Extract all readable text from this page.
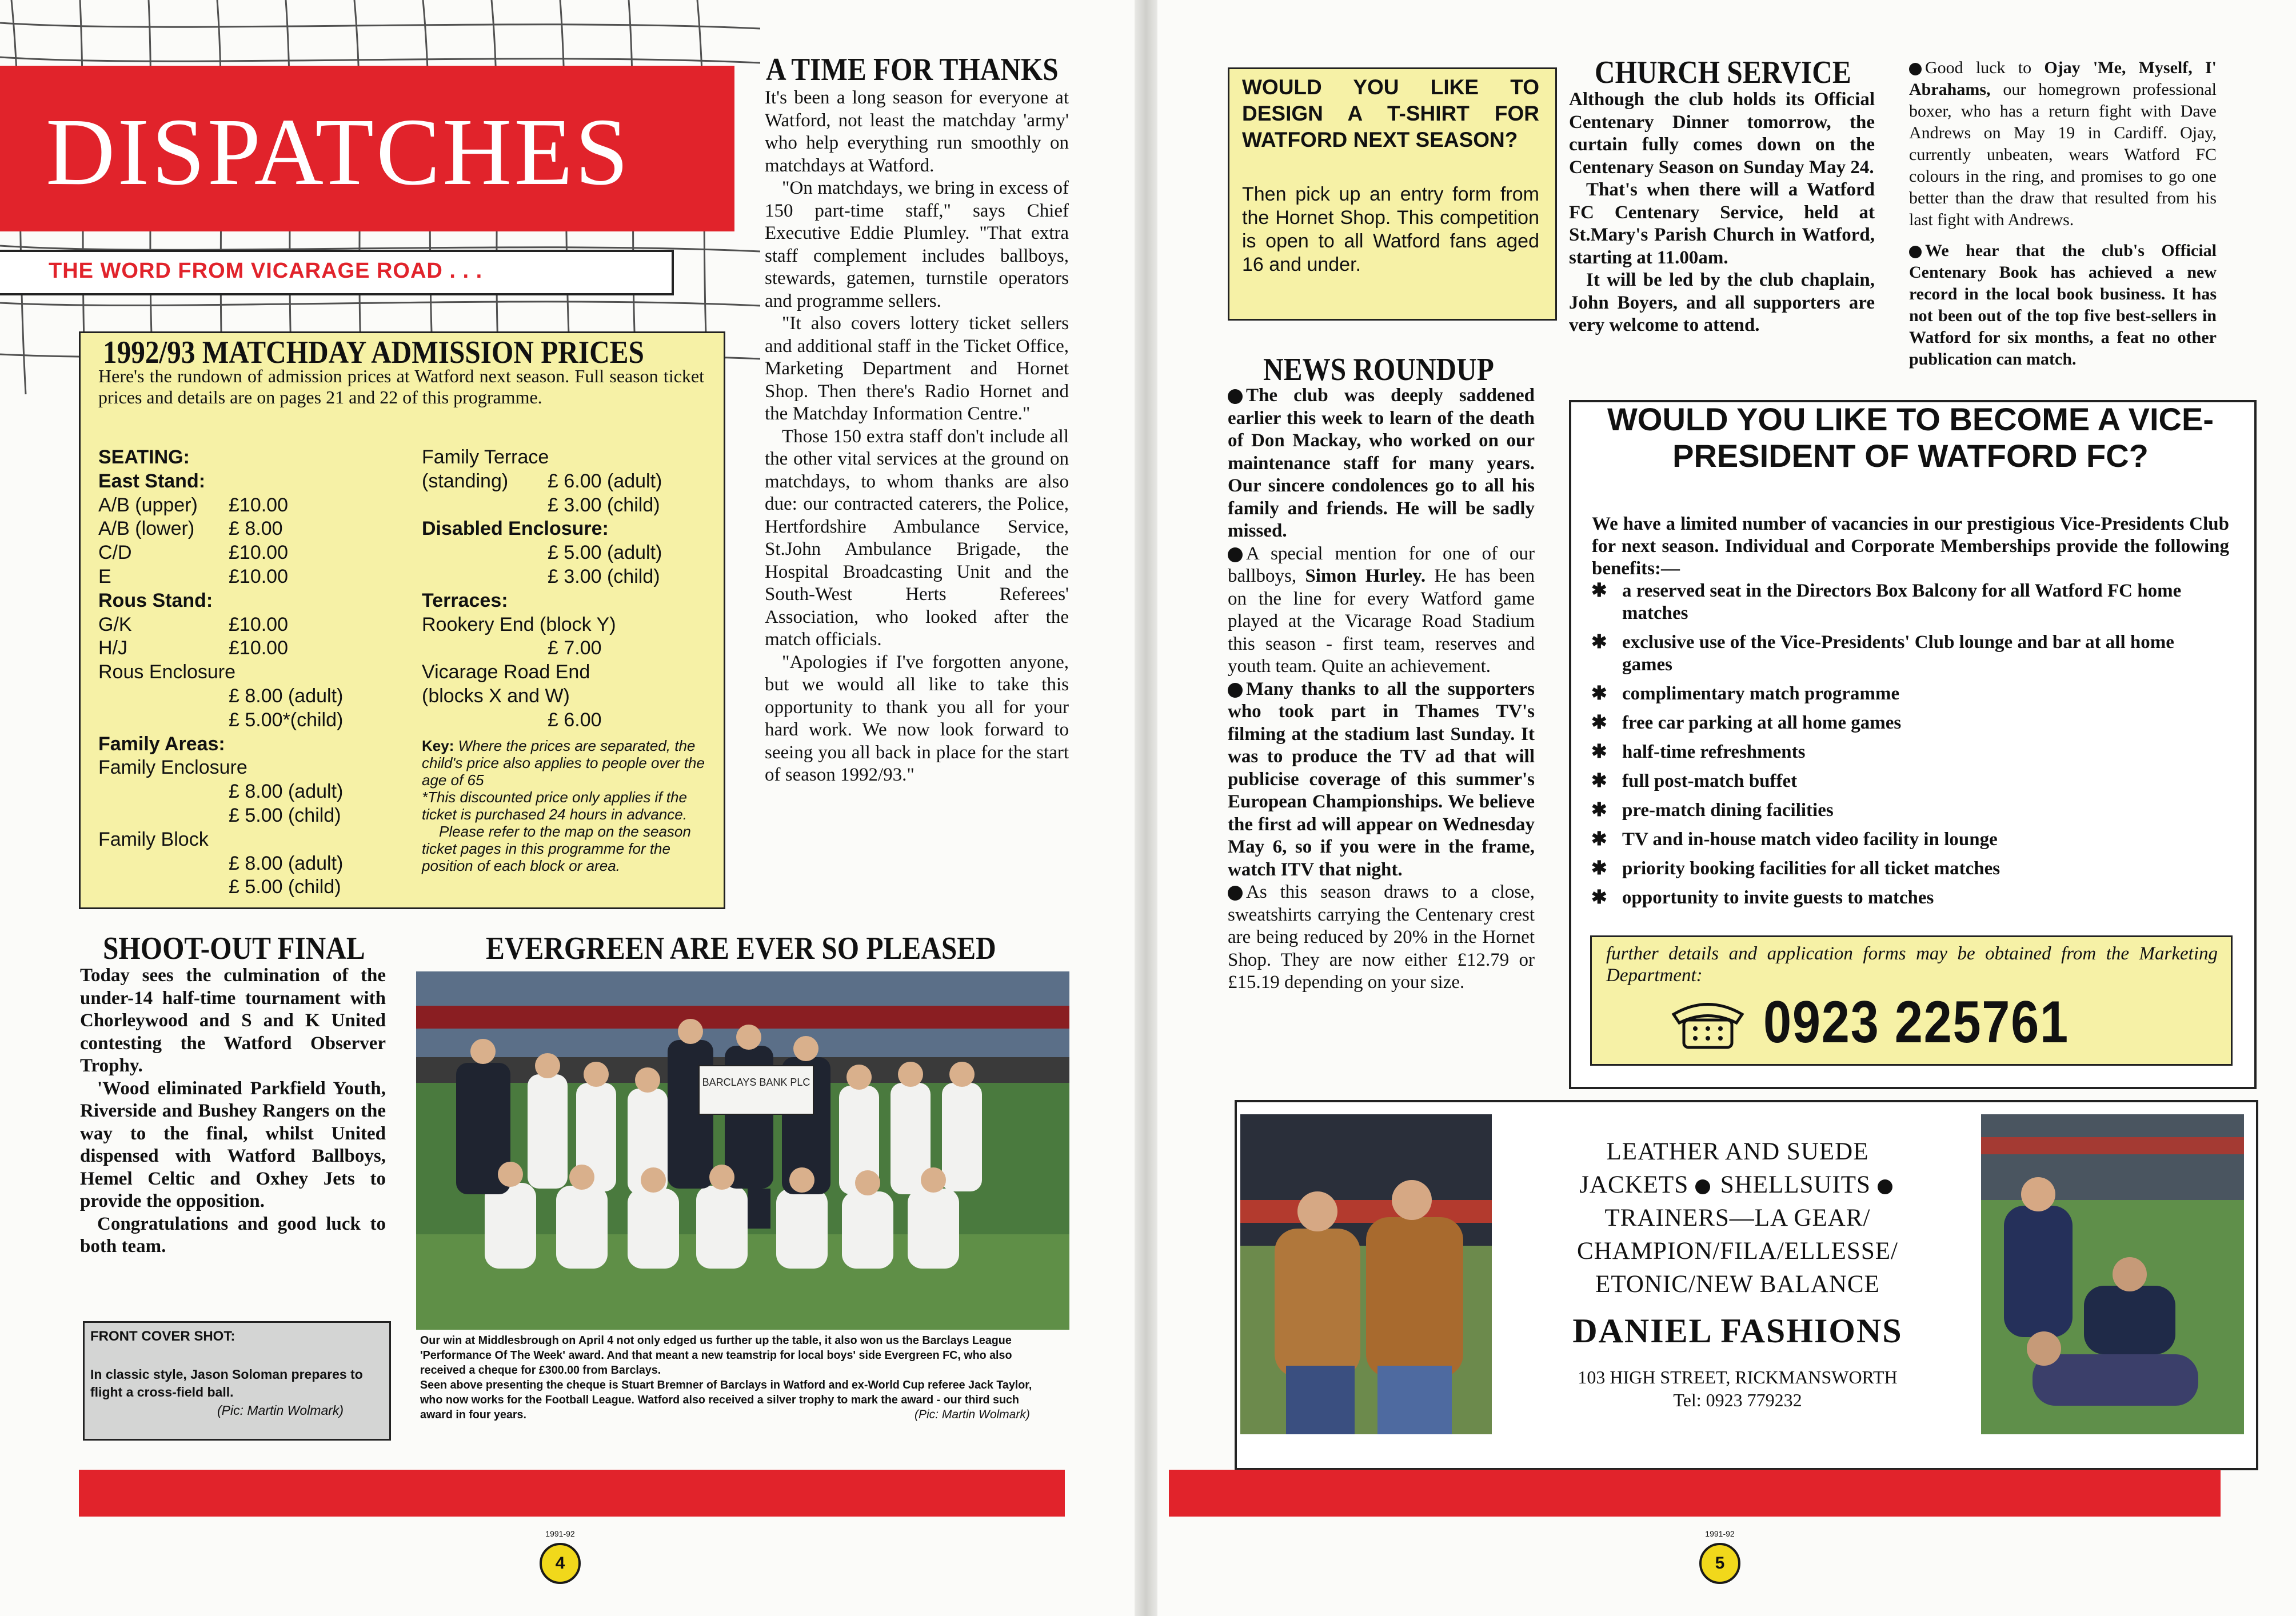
DISPATCHES
THE WORD FROM VICARAGE ROAD . . .
1992/93 MATCHDAY ADMISSION PRICES
Here's the rundown of admission prices at Watford next season. Full season ticket prices and details are on pages 21 and 22 of this programme.
SEATING:
East Stand:
A/B (upper) £10.00
A/B (lower) £ 8.00
C/D	£10.00
E	£10.00
Rous Stand:
G/K	£10.00
H/J	£10.00
Rous Enclosure
£ 8.00 (adult)
£ 5.00*(child)
Family Areas:
Family Enclosure
£ 8.00 (adult)
£ 5.00 (child)
Family Block
£ 8.00 (adult)
£ 5.00 (child)
Family Terrace
(standing) £ 6.00 (adult)
£ 3.00 (child)
Disabled Enclosure:
£ 5.00 (adult)
£ 3.00 (child)
Terraces:
Rookery End (block Y)
£ 7.00
Vicarage Road End
(blocks X and W)
£ 6.00
Key: Where the prices are separated, the child's price also applies to people over the age of 65
*This discounted price only applies if the ticket is purchased 24 hours in advance.
Please refer to the map on the season ticket pages in this programme for the position of each block or area.
A TIME FOR THANKS
It's been a long season for everyone at Watford, not least the matchday 'army' who help everything run smoothly on matchdays at Watford.
"On matchdays, we bring in excess of 150 part-time staff," says Chief Executive Eddie Plumley. "That extra staff complement includes ballboys, stewards, gatemen, turnstile operators and programme sellers.
"It also covers lottery ticket sellers and additional staff in the Ticket Office, Marketing Department and Hornet Shop. Then there's Radio Hornet and the Matchday Information Centre."
Those 150 extra staff don't include all the other vital services at the ground on matchdays, to whom thanks are also due: our contracted caterers, the Police, Hertfordshire Ambulance Service, St.John Ambulance Brigade, the Hospital Broadcasting Unit and the South-West Herts Referees' Association, who looked after the match officials.
"Apologies if I've forgotten anyone, but we would all like to take this opportunity to thank you all for your hard work. We now look forward to seeing you all back in place for the start of season 1992/93."
SHOOT-OUT FINAL
Today sees the culmination of the under-14 half-time tournament with Chorleywood and S and K United contesting the Watford Observer Trophy.
'Wood eliminated Parkfield Youth, Riverside and Bushey Rangers on the way to the final, whilst United dispensed with Watford Ballboys, Hemel Celtic and Oxhey Jets to provide the opposition.
Congratulations and good luck to both team.
FRONT COVER SHOT:
In classic style, Jason Soloman prepares to flight a cross-field ball.
(Pic: Martin Wolmark)
EVERGREEN ARE EVER SO PLEASED
BARCLAYS BANK PLC
Our win at Middlesbrough on April 4 not only edged us further up the table, it also won us the Barclays League 'Performance Of The Week' award. And that meant a new teamstrip for local boys' side Evergreen FC, who also received a cheque for £300.00 from Barclays.
Seen above presenting the cheque is Stuart Bremner of Barclays in Watford and ex-World Cup referee Jack Taylor, who now works for the Football League. Watford also received a silver trophy to mark the award - our third such award in four years.	(Pic: Martin Wolmark)
1991-92
4
WOULD YOU LIKE TO DESIGN A T-SHIRT FOR WATFORD NEXT SEASON?
Then pick up an entry form from the Hornet Shop. This competition is open to all Watford fans aged 16 and under.
CHURCH SERVICE
Although the club holds its Official Centenary Dinner tomorrow, the curtain fully comes down on the Centenary Season on Sunday May 24.
That's when there will a Watford FC Centenary Service, held at St.Mary's Parish Church in Watford, starting at 11.00am.
It will be led by the club chaplain, John Boyers, and all supporters are very welcome to attend.
Good luck to Ojay 'Me, Myself, I' Abrahams, our homegrown professional boxer, who has a return fight with Dave Andrews on May 19 in Cardiff. Ojay, currently unbeaten, wears Watford FC colours in the ring, and promises to go one better than the draw that resulted from his last fight with Andrews.
We hear that the club's Official Centenary Book has achieved a new record in the local book business. It has not been out of the top five best-sellers in Watford for six months, a feat no other publication can match.
NEWS ROUNDUP
The club was deeply saddened earlier this week to learn of the death of Don Mackay, who worked on our maintenance staff for many years. Our sincere condolences go to all his family and friends. He will be sadly missed.
A special mention for one of our ballboys, Simon Hurley. He has been on the line for every Watford game played at the Vicarage Road Stadium this season - first team, reserves and youth team. Quite an achievement.
Many thanks to all the supporters who took part in Thames TV's filming at the stadium last Sunday. It was to produce the TV ad that will publicise coverage of this summer's European Championships. We believe the first ad will appear on Wednesday May 6, so if you were in the frame, watch ITV that night.
As this season draws to a close, sweatshirts carrying the Centenary crest are being reduced by 20% in the Hornet Shop. They are now either £12.79 or £15.19 depending on your size.
WOULD YOU LIKE TO BECOME A VICE-PRESIDENT OF WATFORD FC?
We have a limited number of vacancies in our prestigious Vice-Presidents Club for next season. Individual and Corporate Memberships provide the following benefits:—
✱ a reserved seat in the Directors Box Balcony for all Watford FC home matches
✱ exclusive use of the Vice-Presidents' Club lounge and bar at all home games
✱ complimentary match programme
✱ free car parking at all home games
✱ half-time refreshments
✱ full post-match buffet
✱ pre-match dining facilities
✱ TV and in-house match video facility in lounge
✱ priority booking facilities for all ticket matches
✱ opportunity to invite guests to matches
further details and application forms may be obtained from the Marketing Department:
0923 225761
LEATHER AND SUEDE
JACKETS SHELLSUITS
TRAINERS—LA GEAR/
CHAMPION/FILA/ELLESSE/
ETONIC/NEW BALANCE
DANIEL FASHIONS
103 HIGH STREET, RICKMANSWORTH
Tel: 0923 779232
1991-92
5
